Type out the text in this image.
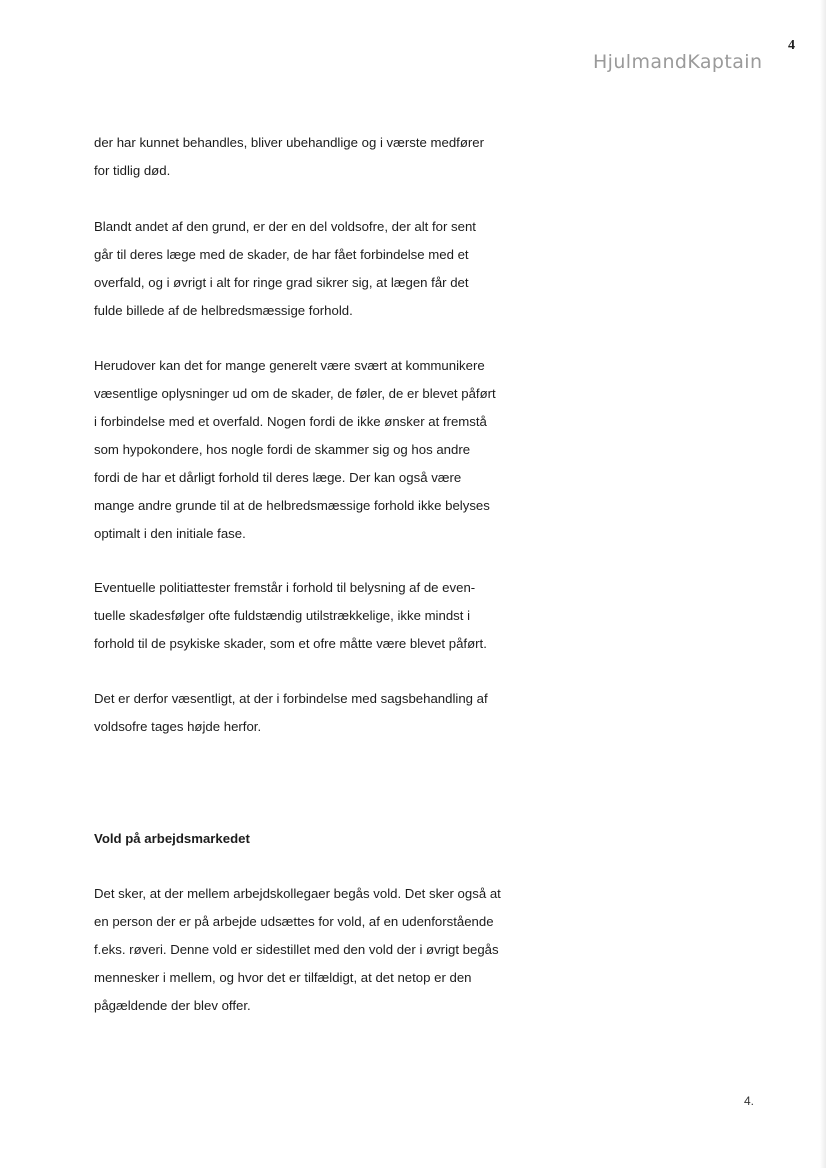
4
HjulmandKaptain

der har kunnet behandles, bliver ubehandlige og i værste medfører
for tidlig død.

Blandt andet af den grund, er der en del voldsofre, der alt for sent
går til deres læge med de skader, de har fået forbindelse med et
overfald, og i øvrigt i alt for ringe grad sikrer sig, at lægen får det
fulde billede af de helbredsmæssige forhold.

Herudover kan det for mange generelt være svært at kommunikere
væsentlige oplysninger ud om de skader, de føler, de er blevet påført
i forbindelse med et overfald. Nogen fordi de ikke ønsker at fremstå
som hypokondere, hos nogle fordi de skammer sig og hos andre
fordi de har et dårligt forhold til deres læge. Der kan også være
mange andre grunde til at de helbredsmæssige forhold ikke belyses
optimalt i den initiale fase.

Eventuelle politiattester fremstår i forhold til belysning af de even-
tuelle skadesfølger ofte fuldstændig utilstrækkelige, ikke mindst i
forhold til de psykiske skader, som et ofre måtte være blevet påført.

Det er derfor væsentligt, at der i forbindelse med sagsbehandling af
voldsofre tages højde herfor.

Vold på arbejdsmarkedet

Det sker, at der mellem arbejdskollegaer begås vold. Det sker også at
en person der er på arbejde udsættes for vold, af en udenforstående
f.eks. røveri. Denne vold er sidestillet med den vold der i øvrigt begås
mennesker i mellem, og hvor det er tilfældigt, at det netop er den
pågældende der blev offer.

4.
